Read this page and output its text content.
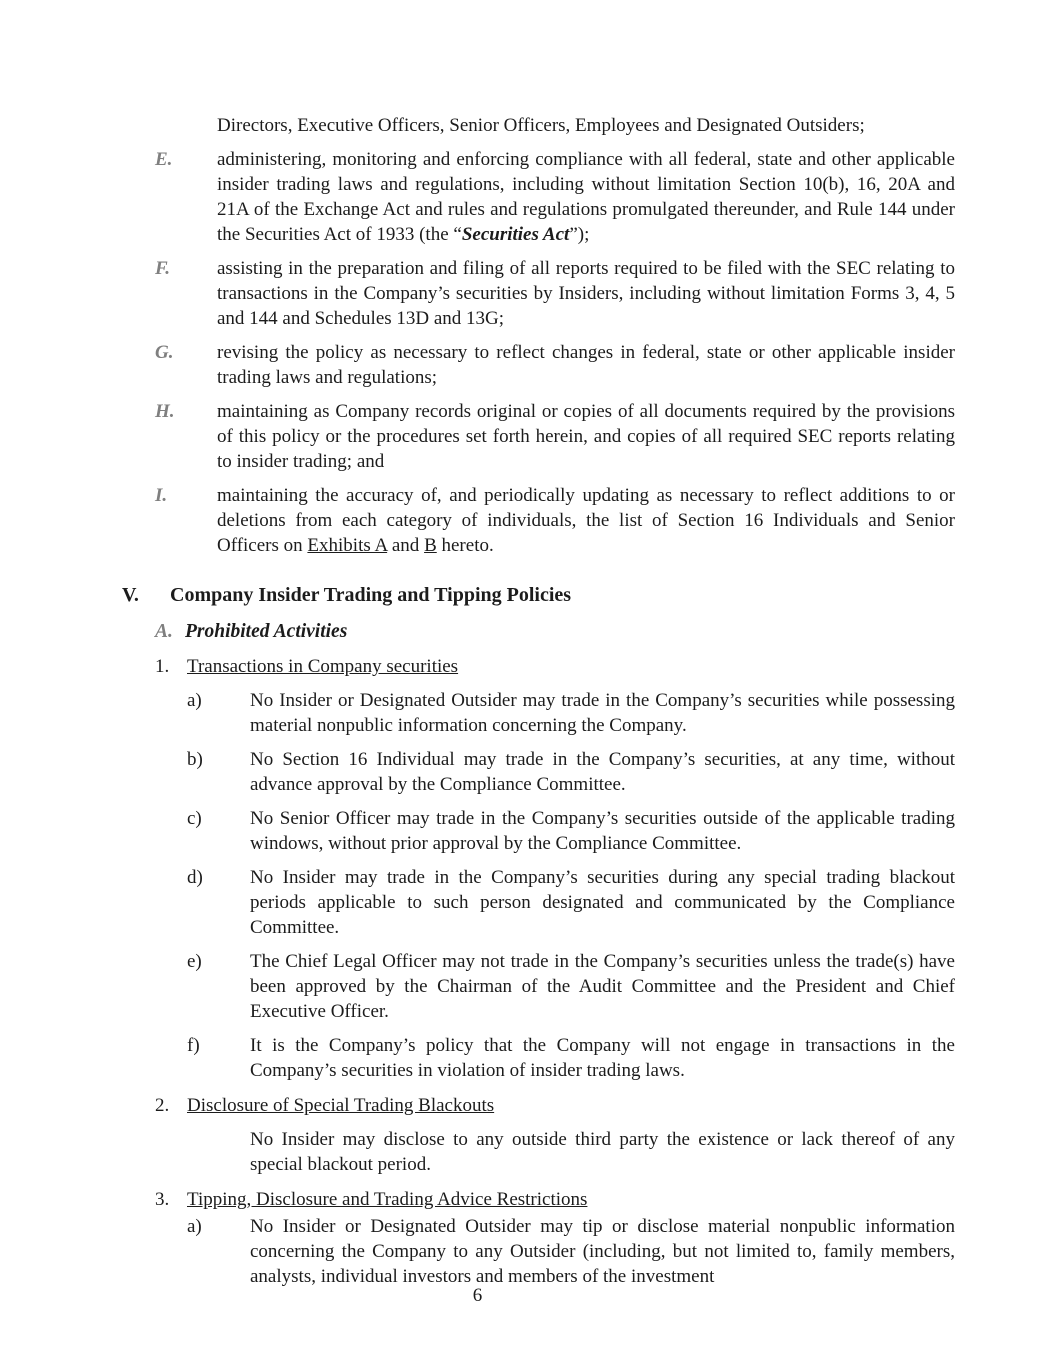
Directors, Executive Officers, Senior Officers, Employees and Designated Outsiders;

E.	administering, monitoring and enforcing compliance with all federal, state and other applicable insider trading laws and regulations, including without limitation Section 10(b), 16, 20A and 21A of the Exchange Act and rules and regulations promulgated thereunder, and Rule 144 under the Securities Act of 1933 (the “Securities Act”);

F.	assisting in the preparation and filing of all reports required to be filed with the SEC relating to transactions in the Company’s securities by Insiders, including without limitation Forms 3, 4, 5 and 144 and Schedules 13D and 13G;

G.	revising the policy as necessary to reflect changes in federal, state or other applicable insider trading laws and regulations;

H.	maintaining as Company records original or copies of all documents required by the provisions of this policy or the procedures set forth herein, and copies of all required SEC reports relating to insider trading; and

I.	maintaining the accuracy of, and periodically updating as necessary to reflect additions to or deletions from each category of individuals, the list of Section 16 Individuals and Senior Officers on Exhibits A and B hereto.

V.	Company Insider Trading and Tipping Policies
A. Prohibited Activities
1. Transactions in Company securities
a)	No Insider or Designated Outsider may trade in the Company’s securities while possessing material nonpublic information concerning the Company.

b)	No Section 16 Individual may trade in the Company’s securities, at any time, without advance approval by the Compliance Committee.

c)	No Senior Officer may trade in the Company’s securities outside of the applicable trading windows, without prior approval by the Compliance Committee.

d)	No Insider may trade in the Company’s securities during any special trading blackout periods applicable to such person designated and communicated by the Compliance Committee.

e)	The Chief Legal Officer may not trade in the Company’s securities unless the trade(s) have been approved by the Chairman of the Audit Committee and the President and Chief Executive Officer.

f)	It is the Company’s policy that the Company will not engage in transactions in the Company’s securities in violation of insider trading laws.

2. Disclosure of Special Trading Blackouts

No Insider may disclose to any outside third party the existence or lack thereof of any special blackout period.

3. Tipping, Disclosure and Trading Advice Restrictions
a)	No Insider or Designated Outsider may tip or disclose material nonpublic information concerning the Company to any Outsider (including, but not limited to, family members, analysts, individual investors and members of the investment

6
